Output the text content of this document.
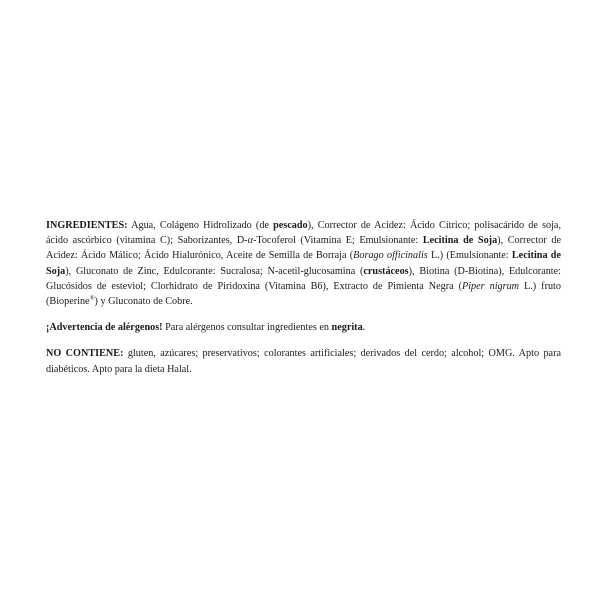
INGREDIENTES: Agua, Colágeno Hidrolizado (de pescado), Corrector de Acidez: Ácido Cítrico; polisacárido de soja, ácido ascórbico (vitamina C); Saborizantes, D-α-Tocoferol (Vitamina E; Emulsionante: Lecitina de Soja), Corrector de Acidez: Ácido Málico; Ácido Hialurónico, Aceite de Semilla de Borraja (Borago officinalis L.) (Emulsionante: Lecitina de Soja), Gluconato de Zinc, Edulcorante: Sucralosa; N-acetil-glucosamina (crustáceos), Biotina (D-Biotina), Edulcorante: Glucósidos de esteviol; Clorhidrato de Piridoxina (Vitamina B6), Extracto de Pimienta Negra (Piper nigrum L.) fruto (Bioperine®) y Gluconato de Cobre.

¡Advertencia de alérgenos! Para alérgenos consultar ingredientes en negrita.

NO CONTIENE: gluten, azúcares; preservativos; colorantes artificiales; derivados del cerdo; alcohol; OMG. Apto para diabéticos. Apto para la dieta Halal.
